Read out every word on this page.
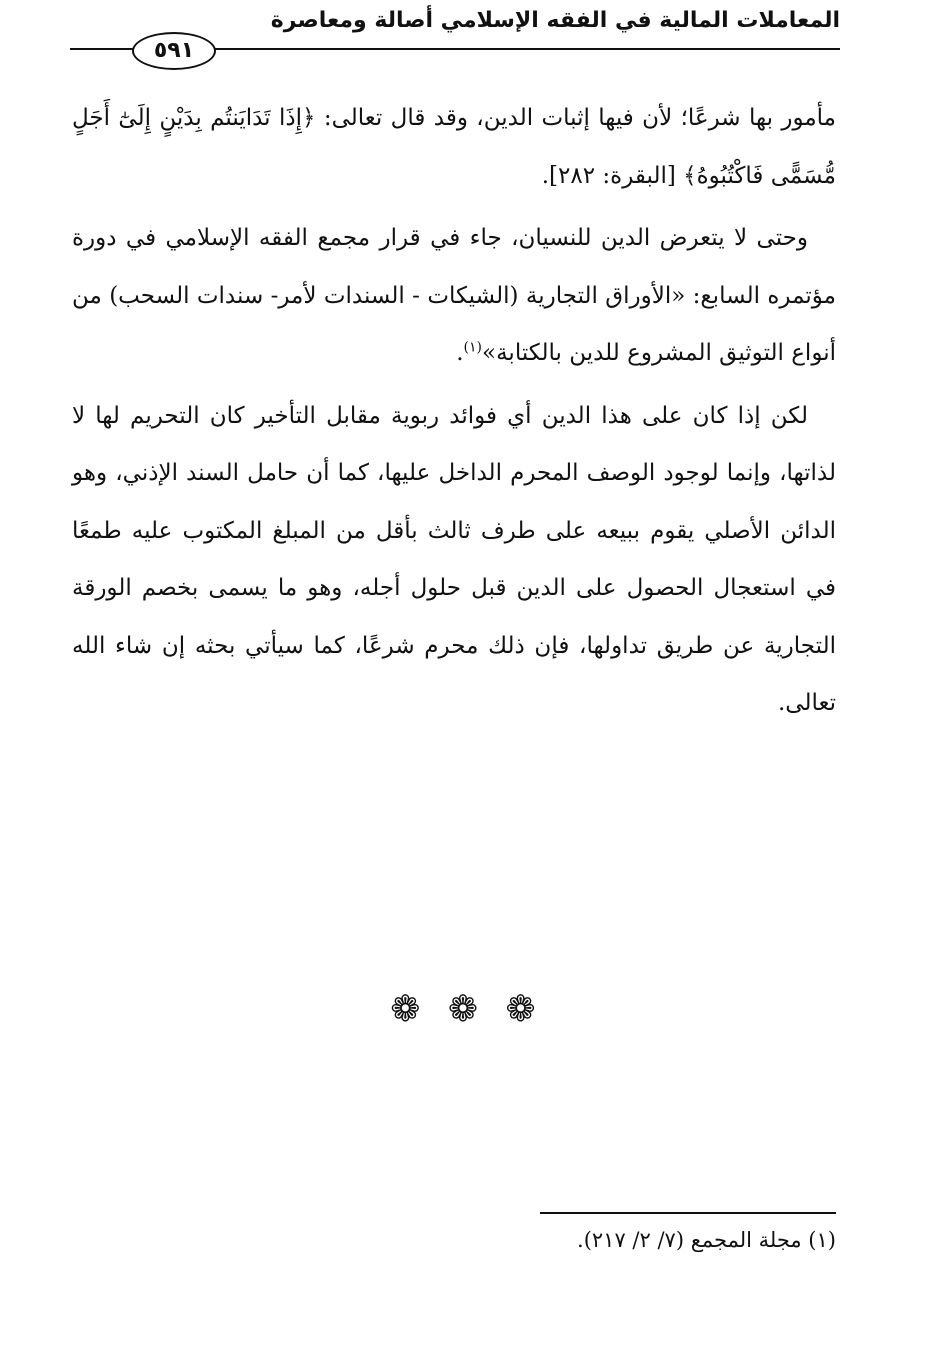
المعاملات المالية في الفقه الإسلامي أصالة ومعاصرة
٥٩١

مأمور بها شرعًا؛ لأن فيها إثبات الدين، وقد قال تعالى: ﴿إِذَا تَدَايَنتُم بِدَيْنٍ إِلَىٰٓ أَجَلٍ مُّسَمًّى فَاكْتُبُوهُ﴾ [البقرة: ٢٨٢].

وحتى لا يتعرض الدين للنسيان، جاء في قرار مجمع الفقه الإسلامي في دورة مؤتمره السابع: «الأوراق التجارية (الشيكات - السندات لأمر- سندات السحب) من أنواع التوثيق المشروع للدين بالكتابة»$^{(١)}$.

لكن إذا كان على هذا الدين أي فوائد ربوية مقابل التأخير كان التحريم لها لا لذاتها، وإنما لوجود الوصف المحرم الداخل عليها، كما أن حامل السند الإذني، وهو الدائن الأصلي يقوم ببيعه على طرف ثالث بأقل من المبلغ المكتوب عليه طمعًا في استعجال الحصول على الدين قبل حلول أجله، وهو ما يسمى بخصم الورقة التجارية عن طريق تداولها، فإن ذلك محرم شرعًا، كما سيأتي بحثه إن شاء الله تعالى.

❁ ❁ ❁
(١) مجلة المجمع (٧/ ٢/ ٢١٧).
